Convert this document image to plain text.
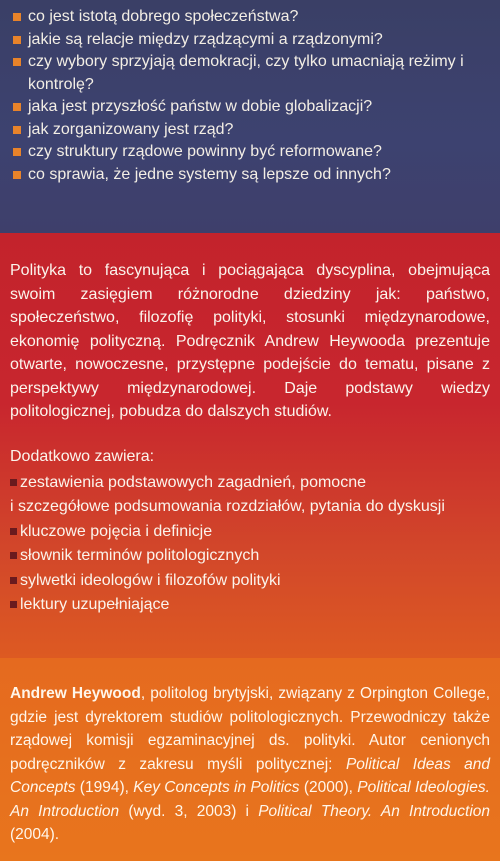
co jest istotą dobrego społeczeństwa?
jakie są relacje między rządzącymi a rządzonymi?
czy wybory sprzyjają demokracji, czy tylko umacniają reżimy i kontrolę?
jaka jest przyszłość państw w dobie globalizacji?
jak zorganizowany jest rząd?
czy struktury rządowe powinny być reformowane?
co sprawia, że jedne systemy są lepsze od innych?

Polityka to fascynująca i pociągająca dyscyplina, obejmująca swoim zasięgiem różnorodne dziedziny jak: państwo, społeczeństwo, filozofię polityki, stosunki międzynarodowe, ekonomię polityczną. Podręcznik Andrew Heywooda prezentuje otwarte, nowoczesne, przystępne podejście do tematu, pisane z perspektywy międzynarodowej. Daje podstawy wiedzy politologicznej, pobudza do dalszych studiów.

Dodatkowo zawiera:
zestawienia podstawowych zagadnień, pomocne
i szczegółowe podsumowania rozdziałów, pytania do dyskusji
kluczowe pojęcia i definicje
słownik terminów politologicznych
sylwetki ideologów i filozofów polityki
lektury uzupełniające

Andrew Heywood, politolog brytyjski, związany z Orpington College, gdzie jest dyrektorem studiów politologicznych. Przewodniczy także rządowej komisji egzaminacyjnej ds. polityki. Autor cenionych podręczników z zakresu myśli politycznej: Political Ideas and Concepts (1994), Key Concepts in Politics (2000), Political Ideologies. An Introduction (wyd. 3, 2003) i Political Theory. An Introduction (2004).
